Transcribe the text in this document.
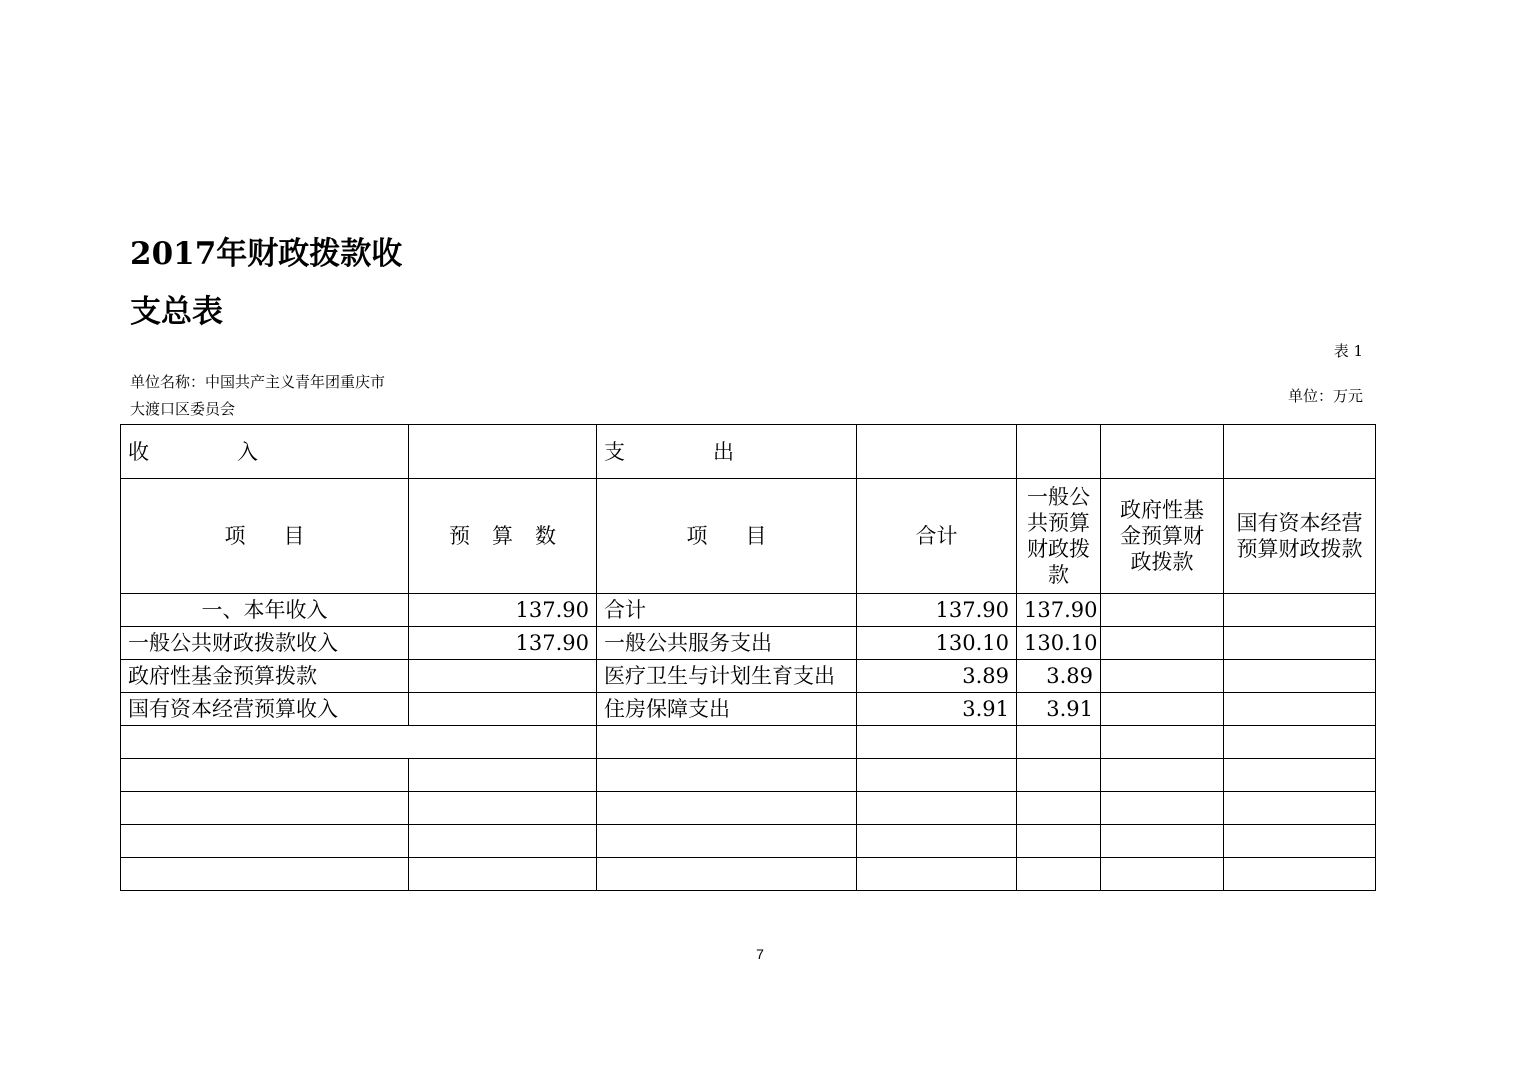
2017年财政拨款收
支总表
表 1
单位名称：中国共产主义青年团重庆市
大渡口区委员会
单位：万元
收 入		支 出				
项 目	预 算 数	项 目	合计	一般公共预算财政拨款	政府性基金预算财政拨款	国有资本经营预算财政拨款
一、本年收入	137.90	合计	137.90	137.90		
一般公共财政拨款收入	137.90	一般公共服务支出	130.10	130.10		
政府性基金预算拨款		医疗卫生与计划生育支出	3.89	3.89		
国有资本经营预算收入		住房保障支出	3.91	3.91		

7
